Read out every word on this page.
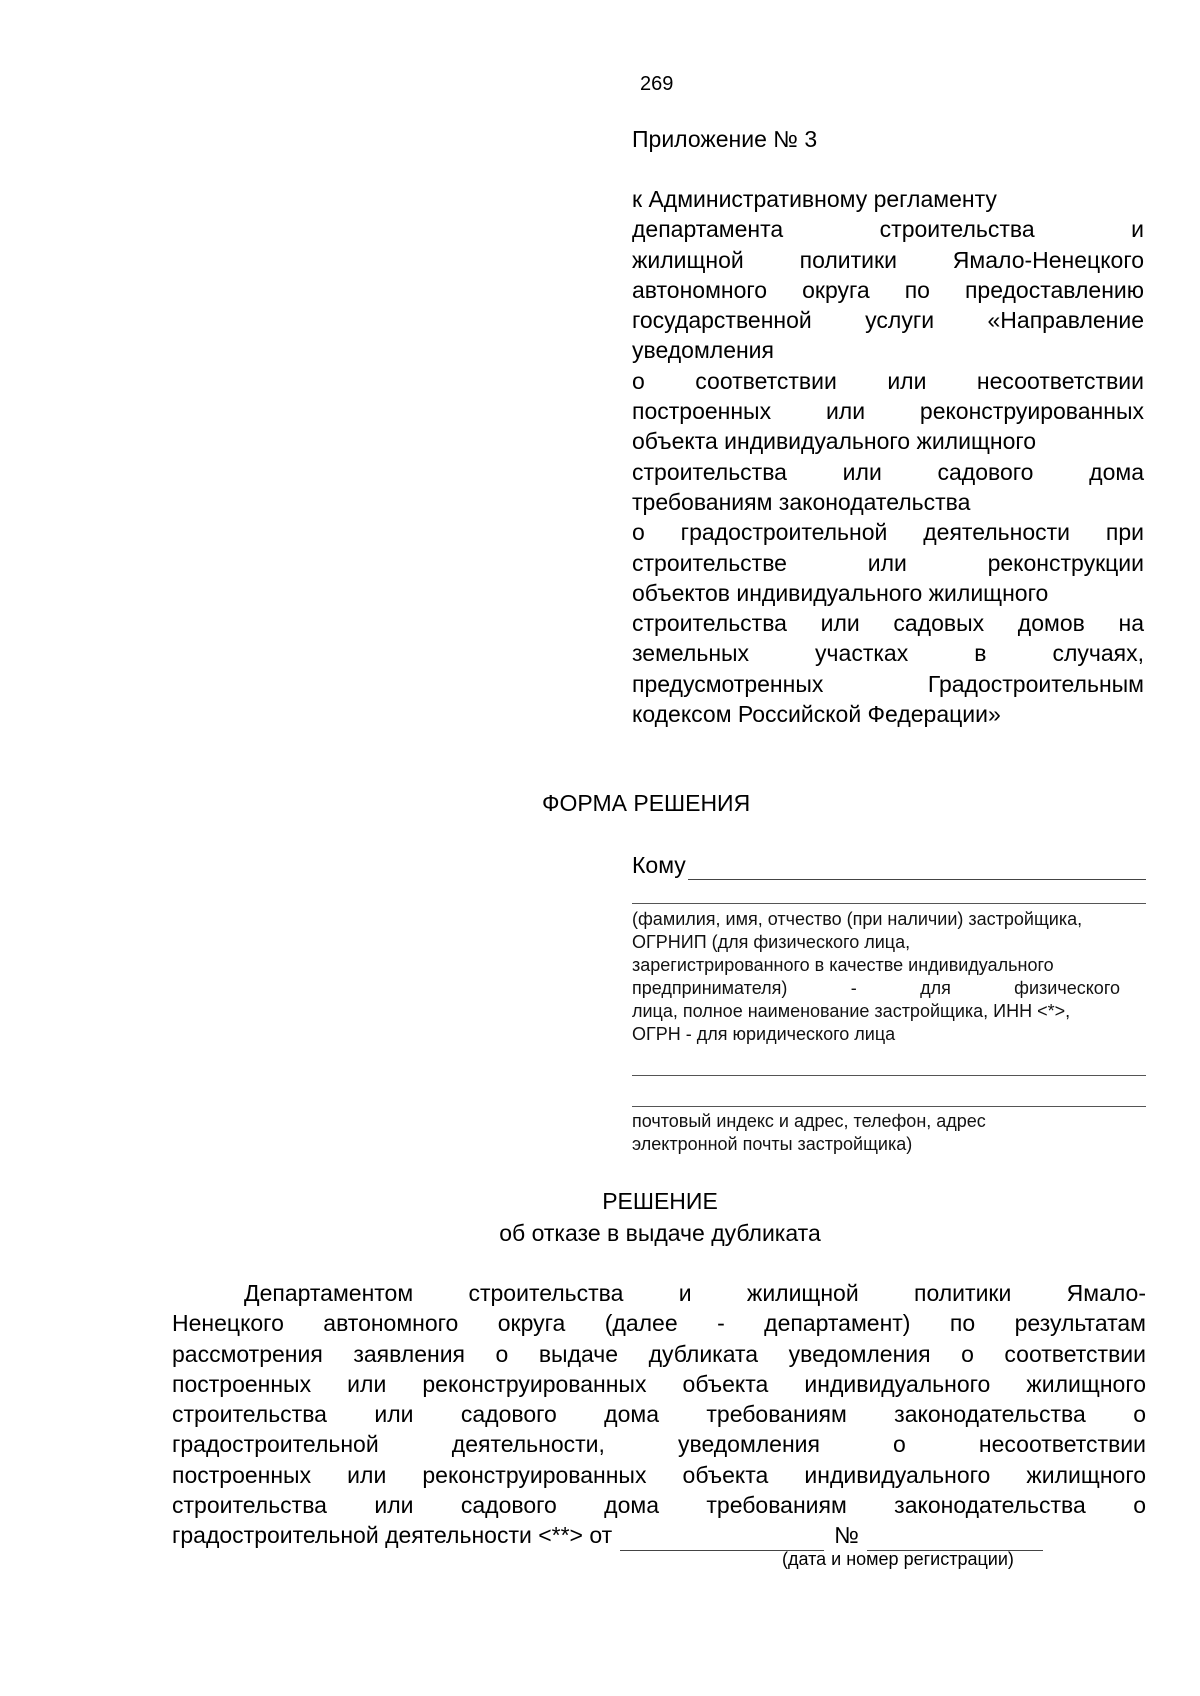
269
Приложение № 3
к Административному регламенту
департамента строительства и
жилищной политики Ямало-Ненецкого
автономного округа по предоставлению
государственной услуги «Направление
уведомления
о соответствии или несоответствии
построенных или реконструированных
объекта индивидуального жилищного
строительства или садового дома
требованиям законодательства
о градостроительной деятельности при
строительстве или реконструкции
объектов индивидуального жилищного
строительства или садовых домов на
земельных участках в случаях,
предусмотренных Градостроительным
кодексом Российской Федерации»
ФОРМА РЕШЕНИЯ
Кому
(фамилия, имя, отчество (при наличии) застройщика,
ОГРНИП (для физического лица,
зарегистрированного в качестве индивидуального
предпринимателя) - для физического
лица, полное наименование застройщика, ИНН <*>,
ОГРН - для юридического лица
почтовый индекс и адрес, телефон, адрес
электронной почты застройщика)
РЕШЕНИЕ
об отказе в выдаче дубликата
Департаментом строительства и жилищной политики Ямало-
Ненецкого автономного округа (далее - департамент) по результатам
рассмотрения заявления о выдаче дубликата уведомления о соответствии
построенных или реконструированных объекта индивидуального жилищного
строительства или садового дома требованиям законодательства о
градостроительной деятельности, уведомления о несоответствии
построенных или реконструированных объекта индивидуального жилищного
строительства или садового дома требованиям законодательства о
градостроительной деятельности <**> от	№
(дата и номер регистрации)
